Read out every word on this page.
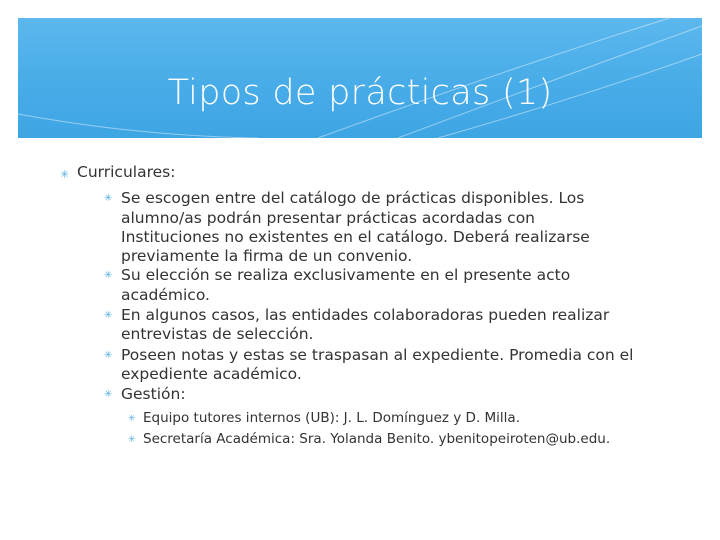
Tipos de prácticas (1)
✳ Curriculares:
✳ Se escogen entre del catálogo de prácticas disponibles. Los
alumno/as podrán presentar prácticas acordadas con
Instituciones no existentes en el catálogo. Deberá realizarse
previamente la firma de un convenio.
✳ Su elección se realiza exclusivamente en el presente acto
académico.
✳ En algunos casos, las entidades colaboradoras pueden realizar
entrevistas de selección.
✳ Poseen notas y estas se traspasan al expediente. Promedia con el
expediente académico.
✳ Gestión:
✳ Equipo tutores internos (UB): J. L. Domínguez y D. Milla.
✳ Secretaría Académica: Sra. Yolanda Benito. ybenitopeiroten@ub.edu.
